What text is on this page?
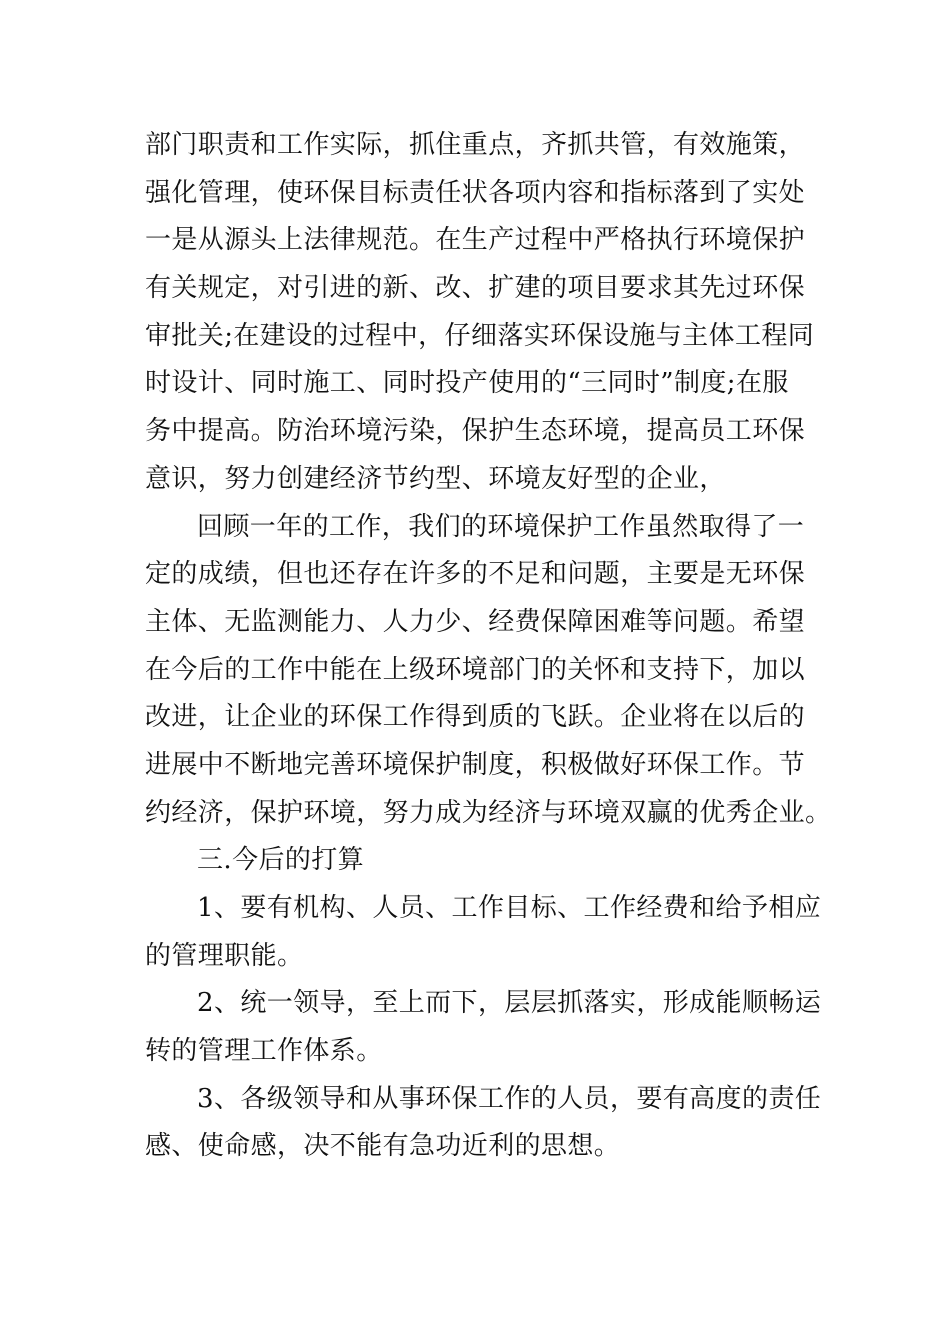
部门职责和工作实际，抓住重点，齐抓共管，有效施策，
强化管理，使环保目标责任状各项内容和指标落到了实处
一是从源头上法律规范。在生产过程中严格执行环境保护
有关规定，对引进的新、改、扩建的项目要求其先过环保
审批关;在建设的过程中，仔细落实环保设施与主体工程同
时设计、同时施工、同时投产使用的“三同时”制度;在服
务中提高。防治环境污染，保护生态环境，提高员工环保
意识，努力创建经济节约型、环境友好型的企业，
回顾一年的工作，我们的环境保护工作虽然取得了一
定的成绩，但也还存在许多的不足和问题，主要是无环保
主体、无监测能力、人力少、经费保障困难等问题。希望
在今后的工作中能在上级环境部门的关怀和支持下，加以
改进，让企业的环保工作得到质的飞跃。企业将在以后的
进展中不断地完善环境保护制度，积极做好环保工作。节
约经济，保护环境，努力成为经济与环境双赢的优秀企业。
三.今后的打算
1、要有机构、人员、工作目标、工作经费和给予相应
的管理职能。
2、统一领导，至上而下，层层抓落实，形成能顺畅运
转的管理工作体系。
3、各级领导和从事环保工作的人员，要有高度的责任
感、使命感，决不能有急功近利的思想。
